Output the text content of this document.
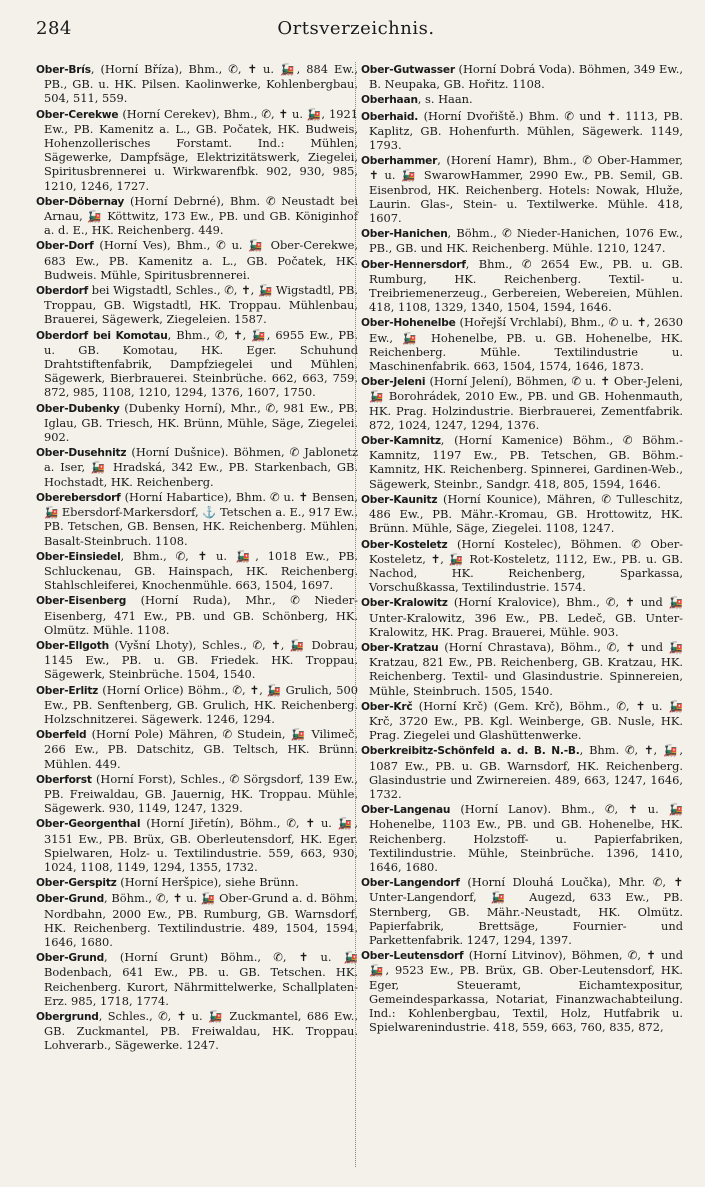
284	Ortsverzeichnis.
Ober-Brís, (Horní Bříza), Bhm., ✆, ✝ u. 🚂, 884 Ew., PB., GB. u. HK. Pilsen. Kaolinwerke, Kohlenbergbau, 504, 511, 559.
Ober-Cerekwe (Horní Cerekev), Bhm., ✆, ✝ u. 🚂, 1921 Ew., PB. Kamenitz a. L., GB. Počatek, HK. Budweis, Hohenzollerisches Forstamt. Ind.: Mühlen, Sägewerke, Dampfsäge, Elektrizitätswerk, Ziegelei, Spiritusbrennerei u. Wirkwarenfbk. 902, 930, 985, 1210, 1246, 1727.
Ober-Döbernay (Horní Debrné), Bhm. ✆ Neustadt bei Arnau, 🚂 Köttwitz, 173 Ew., PB. und GB. Königinhof a. d. E., HK. Reichenberg. 449.
Ober-Dorf (Horní Ves), Bhm., ✆ u. 🚂 Ober-Cerekwe, 683 Ew., PB. Kamenitz a. L., GB. Počatek, HK. Budweis. Mühle, Spiritusbrennerei.
Oberdorf bei Wigstadtl, Schles., ✆, ✝, 🚂 Wigstadtl, PB. Troppau, GB. Wigstadtl, HK. Troppau. Mühlenbau, Brauerei, Sägewerk, Ziegeleien. 1587.
Oberdorf bei Komotau, Bhm., ✆, ✝, 🚂, 6955 Ew., PB. u. GB. Komotau, HK. Eger. Schuhund Drahtstiftenfabrik, Dampfziegelei und Mühlen, Sägewerk, Bierbrauerei. Steinbrüche. 662, 663, 759, 872, 985, 1108, 1210, 1294, 1376, 1607, 1750.
Ober-Dubenky (Dubenky Horní), Mhr., ✆, 981 Ew., PB. Iglau, GB. Triesch, HK. Brünn, Mühle, Säge, Ziegelei. 902.
Ober-Dusehnitz (Horní Dušnice). Böhmen, ✆ Jablonetz a. Iser, 🚂 Hradská, 342 Ew., PB. Starkenbach, GB. Hochstadt, HK. Reichenberg.
Oberebersdorf (Horní Habartice), Bhm. ✆ u. ✝ Bensen, 🚂 Ebersdorf-Markersdorf, ⚓ Tetschen a. E., 917 Ew., PB. Tetschen, GB. Bensen, HK. Reichenberg. Mühlen, Basalt-Steinbruch. 1108.
Ober-Einsiedel, Bhm., ✆, ✝ u. 🚂, 1018 Ew., PB. Schluckenau, GB. Hainspach, HK. Reichenberg. Stahlschleiferei, Knochenmühle. 663, 1504, 1697.
Ober-Eisenberg (Horní Ruda), Mhr., ✆ Nieder-Eisenberg, 471 Ew., PB. und GB. Schönberg, HK. Olmütz. Mühle. 1108.
Ober-Ellgoth (Vyšní Lhoty), Schles., ✆, ✝, 🚂 Dobrau, 1145 Ew., PB. u. GB. Friedek. HK. Troppau. Sägewerk, Steinbrüche. 1504, 1540.
Ober-Erlitz (Horní Orlice) Böhm., ✆, ✝, 🚂 Grulich, 500 Ew., PB. Senftenberg, GB. Grulich, HK. Reichenberg. Holzschnitzerei. Sägewerk. 1246, 1294.
Oberfeld (Horní Pole) Mähren, ✆ Studein, 🚂 Vilimeč, 266 Ew., PB. Datschitz, GB. Teltsch, HK. Brünn. Mühlen. 449.
Oberforst (Horní Forst), Schles., ✆ Sörgsdorf, 139 Ew., PB. Freiwaldau, GB. Jauernig, HK. Troppau. Mühle, Sägewerk. 930, 1149, 1247, 1329.
Ober-Georgenthal (Horní Jiřetín), Böhm., ✆, ✝ u. 🚂, 3151 Ew., PB. Brüx, GB. Oberleutensdorf, HK. Eger. Spielwaren, Holz- u. Textilindustrie. 559, 663, 930, 1024, 1108, 1149, 1294, 1355, 1732.
Ober-Gerspitz (Horní Heršpice), siehe Brünn.
Ober-Grund, Böhm., ✆, ✝ u. 🚂 Ober-Grund a. d. Böhm. Nordbahn, 2000 Ew., PB. Rumburg, GB. Warnsdorf, HK. Reichenberg. Textilindustrie. 489, 1504, 1594, 1646, 1680.
Ober-Grund, (Horní Grunt) Böhm., ✆, ✝ u. 🚂 Bodenbach, 641 Ew., PB. u. GB. Tetschen. HK. Reichenberg. Kurort, Nährmittelwerke, Schallplaten-Erz. 985, 1718, 1774.
Obergrund, Schles., ✆, ✝ u. 🚂 Zuckmantel, 686 Ew., GB. Zuckmantel, PB. Freiwaldau, HK. Troppau. Lohverarb., Sägewerke. 1247.
Ober-Gutwasser (Horní Dobrá Voda). Böhmen, 349 Ew., B. Neupaka, GB. Hořitz. 1108.
Oberhaan, s. Haan.
Oberhaid. (Horní Dvořiště.) Bhm. ✆ und ✝. 1113, PB. Kaplitz, GB. Hohenfurth. Mühlen, Sägewerk. 1149, 1793.
Oberhammer, (Horení Hamr), Bhm., ✆ Ober-Hammer, ✝ u. 🚂 SwarowHammer, 2990 Ew., PB. Semil, GB. Eisenbrod, HK. Reichenberg. Hotels: Nowak, Hluže, Laurin. Glas-, Stein- u. Textilwerke. Mühle. 418, 1607.
Ober-Hanichen, Böhm., ✆ Nieder-Hanichen, 1076 Ew., PB., GB. und HK. Reichenberg. Mühle. 1210, 1247.
Ober-Hennersdorf, Bhm., ✆ 2654 Ew., PB. u. GB. Rumburg, HK. Reichenberg. Textil- u. Treibriemenerzeug., Gerbereien, Webereien, Mühlen. 418, 1108, 1329, 1340, 1504, 1594, 1646.
Ober-Hohenelbe (Hořejší Vrchlabí), Bhm., ✆ u. ✝, 2630 Ew., 🚂 Hohenelbe, PB. u. GB. Hohenelbe, HK. Reichenberg. Mühle. Textilindustrie u. Maschinenfabrik. 663, 1504, 1574, 1646, 1873.
Ober-Jeleni (Horní Jelení), Böhmen, ✆ u. ✝ Ober-Jeleni, 🚂 Borohrádek, 2010 Ew., PB. und GB. Hohenmauth, HK. Prag. Holzindustrie. Bierbrauerei, Zementfabrik. 872, 1024, 1247, 1294, 1376.
Ober-Kamnitz, (Horní Kamenice) Böhm., ✆ Böhm.-Kamnitz, 1197 Ew., PB. Tetschen, GB. Böhm.-Kamnitz, HK. Reichenberg. Spinnerei, Gardinen-Web., Sägewerk, Steinbr., Sandgr. 418, 805, 1594, 1646.
Ober-Kaunitz (Horní Kounice), Mähren, ✆ Tulleschitz, 486 Ew., PB. Mähr.-Kromau, GB. Hrottowitz, HK. Brünn. Mühle, Säge, Ziegelei. 1108, 1247.
Ober-Kosteletz (Horní Kostelec), Böhmen. ✆ Ober-Kosteletz, ✝, 🚂 Rot-Kosteletz, 1112, Ew., PB. u. GB. Nachod, HK. Reichenberg, Sparkassa, Vorschußkassa, Textilindustrie. 1574.
Ober-Kralowitz (Horní Kralovice), Bhm., ✆, ✝ und 🚂 Unter-Kralowitz, 396 Ew., PB. Ledeč, GB. Unter-Kralowitz, HK. Prag. Brauerei, Mühle. 903.
Ober-Kratzau (Horní Chrastava), Böhm., ✆, ✝ und 🚂 Kratzau, 821 Ew., PB. Reichenberg, GB. Kratzau, HK. Reichenberg. Textil- und Glasindustrie. Spinnereien, Mühle, Steinbruch. 1505, 1540.
Ober-Krč (Horní Krč) (Gem. Krč), Böhm., ✆, ✝ u. 🚂 Krč, 3720 Ew., PB. Kgl. Weinberge, GB. Nusle, HK. Prag. Ziegelei und Glashüttenwerke.
Oberkreibitz-Schönfeld a. d. B. N.-B., Bhm. ✆, ✝, 🚂, 1087 Ew., PB. u. GB. Warnsdorf, HK. Reichenberg. Glasindustrie und Zwirnereien. 489, 663, 1247, 1646, 1732.
Ober-Langenau (Horní Lanov). Bhm., ✆, ✝ u. 🚂 Hohenelbe, 1103 Ew., PB. und GB. Hohenelbe, HK. Reichenberg. Holzstoff- u. Papierfabriken, Textilindustrie. Mühle, Steinbrüche. 1396, 1410, 1646, 1680.
Ober-Langendorf (Horní Dlouhá Loučka), Mhr. ✆, ✝ Unter-Langendorf, 🚂 Augezd, 633 Ew., PB. Sternberg, GB. Mähr.-Neustadt, HK. Olmütz. Papierfabrik, Brettsäge, Fournier- und Parkettenfabrik. 1247, 1294, 1397.
Ober-Leutensdorf (Horní Litvinov), Böhmen, ✆, ✝ und 🚂, 9523 Ew., PB. Brüx, GB. Ober-Leutensdorf, HK. Eger, Steueramt, Eichamtexpositur, Gemeindesparkassa, Notariat, Finanzwachabteilung. Ind.: Kohlenbergbau, Textil, Holz, Hutfabrik u. Spielwarenindustrie. 418, 559, 663, 760, 835, 872,
